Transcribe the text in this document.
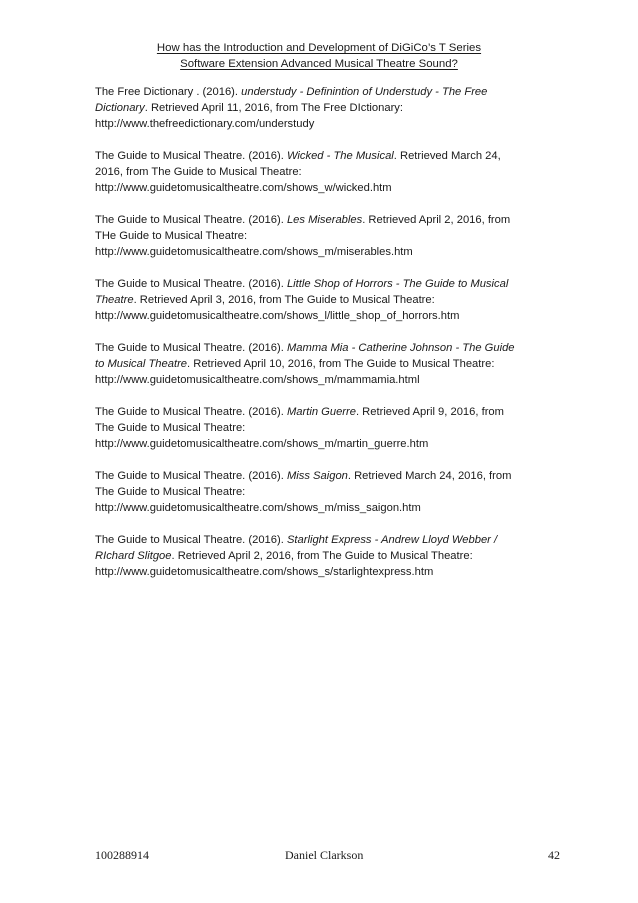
How has the Introduction and Development of DiGiCo’s T Series
Software Extension Advanced Musical Theatre Sound?
The Free Dictionary . (2016). understudy - Definintion of Understudy - The Free
Dictionary. Retrieved April 11, 2016, from The Free DIctionary:
http://www.thefreedictionary.com/understudy
The Guide to Musical Theatre. (2016). Wicked - The Musical. Retrieved March 24,
2016, from The Guide to Musical Theatre:
http://www.guidetomusicaltheatre.com/shows_w/wicked.htm
The Guide to Musical Theatre. (2016). Les Miserables. Retrieved April 2, 2016, from
THe Guide to Musical Theatre:
http://www.guidetomusicaltheatre.com/shows_m/miserables.htm
The Guide to Musical Theatre. (2016). Little Shop of Horrors - The Guide to Musical
Theatre. Retrieved April 3, 2016, from The Guide to Musical Theatre:
http://www.guidetomusicaltheatre.com/shows_l/little_shop_of_horrors.htm
The Guide to Musical Theatre. (2016). Mamma Mia - Catherine Johnson - The Guide
to Musical Theatre. Retrieved April 10, 2016, from The Guide to Musical Theatre:
http://www.guidetomusicaltheatre.com/shows_m/mammamia.html
The Guide to Musical Theatre. (2016). Martin Guerre. Retrieved April 9, 2016, from
The Guide to Musical Theatre:
http://www.guidetomusicaltheatre.com/shows_m/martin_guerre.htm
The Guide to Musical Theatre. (2016). Miss Saigon. Retrieved March 24, 2016, from
The Guide to Musical Theatre:
http://www.guidetomusicaltheatre.com/shows_m/miss_saigon.htm
The Guide to Musical Theatre. (2016). Starlight Express - Andrew Lloyd Webber /
RIchard Slitgoe. Retrieved April 2, 2016, from The Guide to Musical Theatre:
http://www.guidetomusicaltheatre.com/shows_s/starlightexpress.htm
100288914	Daniel Clarkson	42
